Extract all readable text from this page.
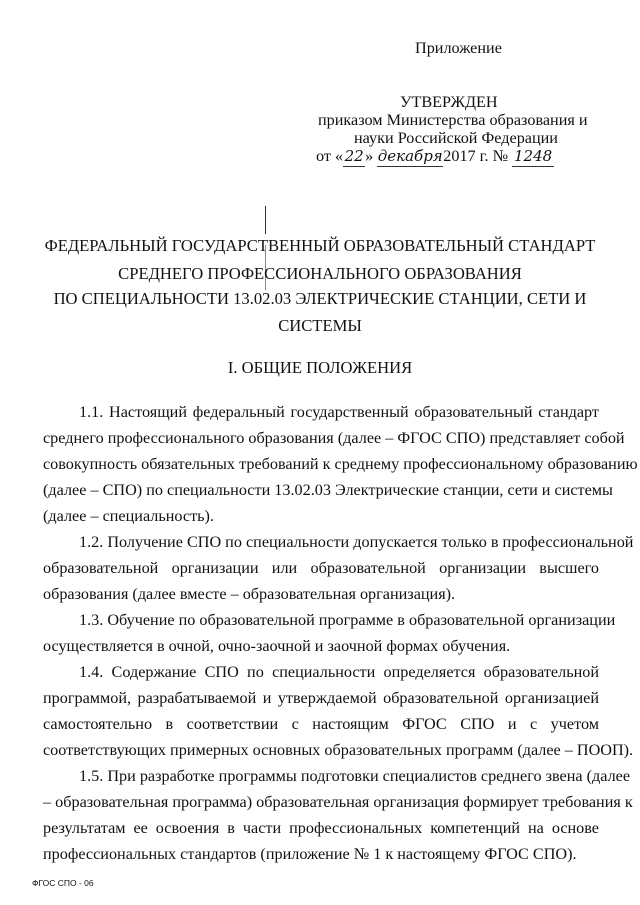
Приложение
УТВЕРЖДЕН
приказом Министерства образования и
науки Российской Федерации
от «22» декабря2017 г. № 1248
ФЕДЕРАЛЬНЫЙ ГОСУДАРСТВЕННЫЙ ОБРАЗОВАТЕЛЬНЫЙ СТАНДАРТ
СРЕДНЕГО ПРОФЕССИОНАЛЬНОГО ОБРАЗОВАНИЯ
ПО СПЕЦИАЛЬНОСТИ 13.02.03 ЭЛЕКТРИЧЕСКИЕ СТАНЦИИ, СЕТИ И
СИСТЕМЫ
I. ОБЩИЕ ПОЛОЖЕНИЯ
1.1. Настоящий федеральный государственный образовательный стандарт
среднего профессионального образования (далее – ФГОС СПО) представляет собой
совокупность обязательных требований к среднему профессиональному образованию
(далее – СПО) по специальности 13.02.03 Электрические станции, сети и системы
(далее – специальность).
1.2. Получение СПО по специальности допускается только в профессиональной
образовательной организации или образовательной организации высшего
образования (далее вместе – образовательная организация).
1.3. Обучение по образовательной программе в образовательной организации
осуществляется в очной, очно-заочной и заочной формах обучения.
1.4. Содержание СПО по специальности определяется образовательной
программой, разрабатываемой и утверждаемой образовательной организацией
самостоятельно в соответствии с настоящим ФГОС СПО и с учетом
соответствующих примерных основных образовательных программ (далее – ПООП).
1.5. При разработке программы подготовки специалистов среднего звена (далее
– образовательная программа) образовательная организация формирует требования к
результатам ее освоения в части профессиональных компетенций на основе
профессиональных стандартов (приложение № 1 к настоящему ФГОС СПО).
ФГОС СПО - 06
